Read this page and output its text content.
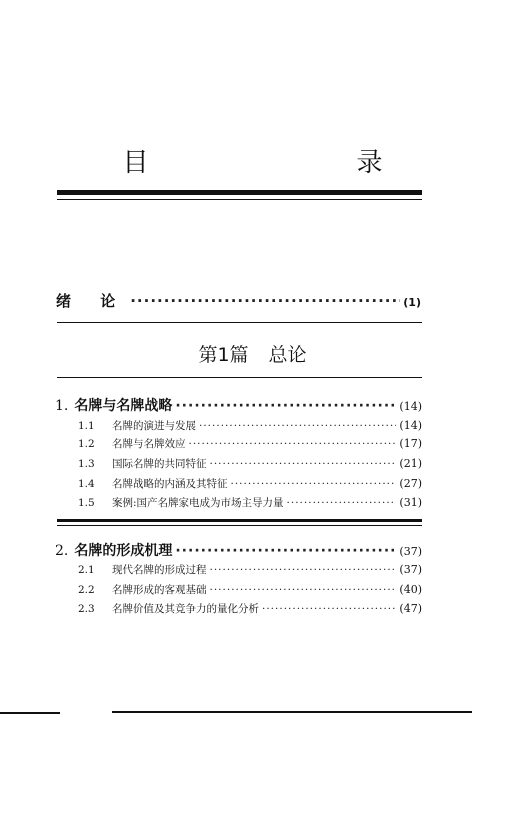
目　　录
绪 论 ·····	(1)
第1篇 总论
1. 名牌与名牌战略 ·····	(14)
1.1 名牌的演进与发展 ·····	(14)
1.2 名牌与名牌效应 ·····	(17)
1.3 国际名牌的共同特征 ·····	(21)
1.4 名牌战略的内涵及其特征 ·····	(27)
1.5 案例:国产名牌家电成为市场主导力量 ·····	(31)
2. 名牌的形成机理 ·····	(37)
2.1 现代名牌的形成过程 ·····	(37)
2.2 名牌形成的客观基础 ·····	(40)
2.3 名牌价值及其竞争力的量化分析 ·····	(47)
